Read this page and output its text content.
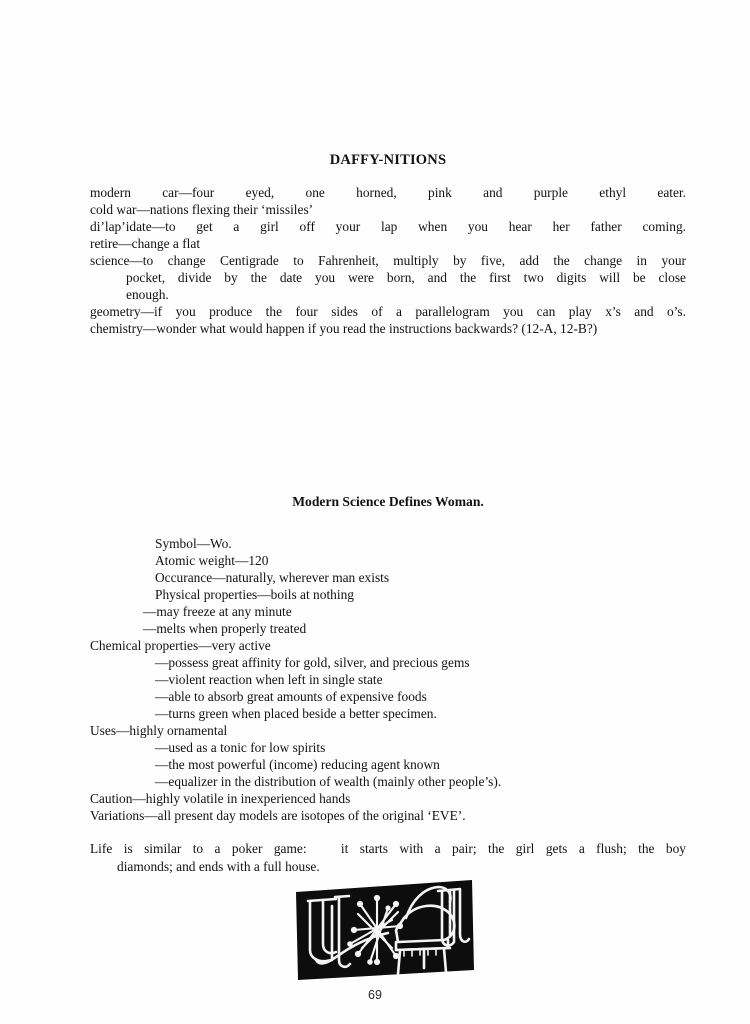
DAFFY-NITIONS
modern car—four eyed, one horned, pink and purple ethyl eater.
cold war—nations flexing their ‘missiles’
di’lap’idate—to get a girl off your lap when you hear her father coming.
retire—change a flat
science—to change Centigrade to Fahrenheit, multiply by five, add the change in your
pocket, divide by the date you were born, and the first two digits will be close
enough.
geometry—if you produce the four sides of a parallelogram you can play x’s and o’s.
chemistry—wonder what would happen if you read the instructions backwards? (12-A, 12-B?)
Modern Science Defines Woman.
Symbol—Wo.
Atomic weight—120
Occurance—naturally, wherever man exists
Physical properties—boils at nothing
—may freeze at any minute
—melts when properly treated
Chemical properties—very active
—possess great affinity for gold, silver, and precious gems
—violent reaction when left in single state
—able to absorb great amounts of expensive foods
—turns green when placed beside a better specimen.
Uses—highly ornamental
—used as a tonic for low spirits
—the most powerful (income) reducing agent known
—equalizer in the distribution of wealth (mainly other people’s).
Caution—highly volatile in inexperienced hands
Variations—all present day models are isotopes of the original ‘EVE’.
Life is similar to a poker game:   it starts with a pair; the girl gets a flush; the boy
diamonds; and ends with a full house.
69
